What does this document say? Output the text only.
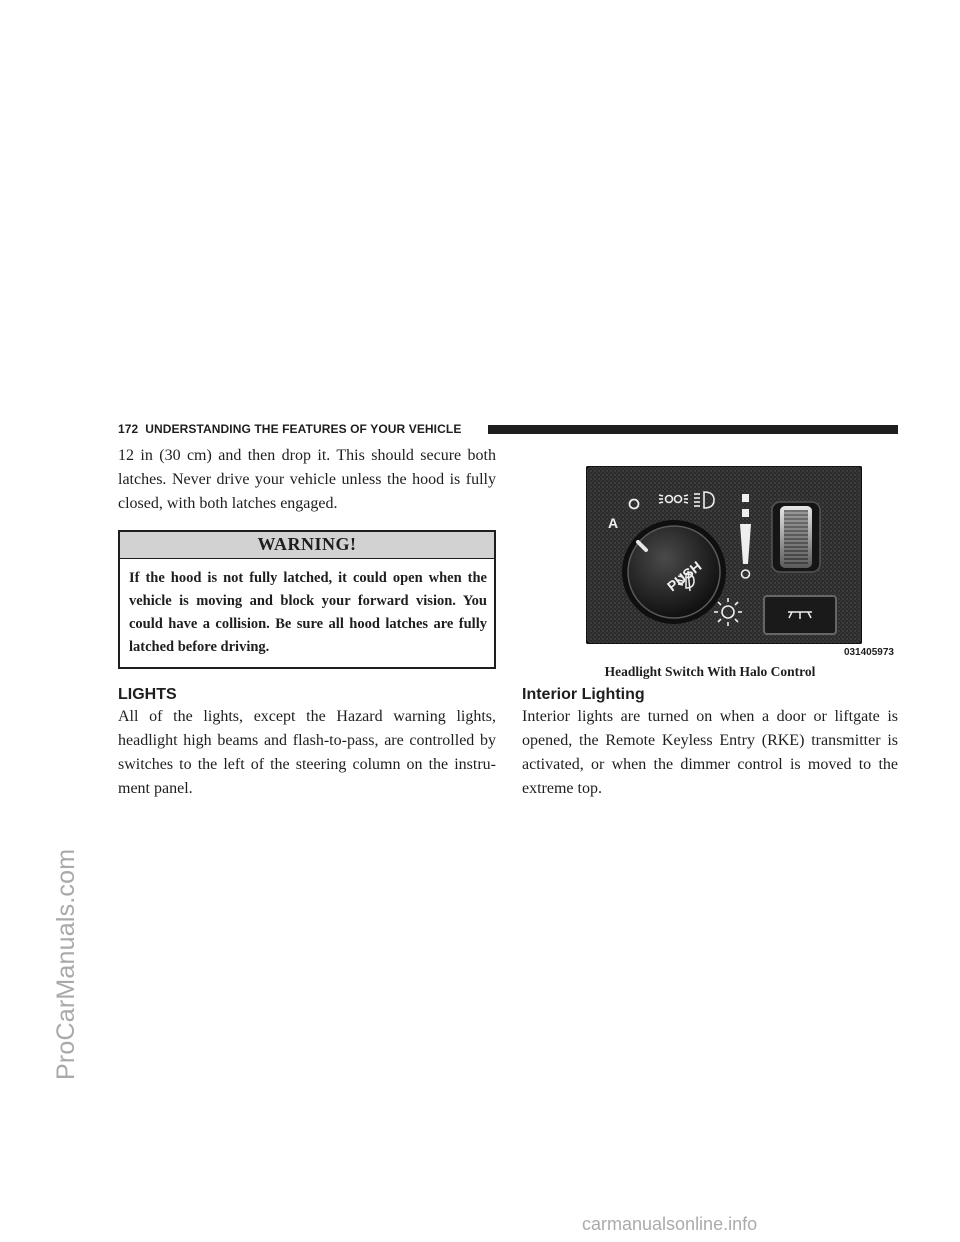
ProCarManuals.com
carmanualsonline.info
172 UNDERSTANDING THE FEATURES OF YOUR VEHICLE

12 in (30 cm) and then drop it. This should secure both latches. Never drive your vehicle unless the hood is fully closed, with both latches engaged.

WARNING!
If the hood is not fully latched, it could open when the vehicle is moving and block your forward vision. You could have a collision. Be sure all hood latches are fully latched before driving.
LIGHTS

All of the lights, except the Hazard warning lights, headlight high beams and flash-to-pass, are controlled by switches to the left of the steering column on the instru-ment panel.

A
PUSH
031405973
Headlight Switch With Halo Control
Interior Lighting

Interior lights are turned on when a door or liftgate is opened, the Remote Keyless Entry (RKE) transmitter is activated, or when the dimmer control is moved to the extreme top.
